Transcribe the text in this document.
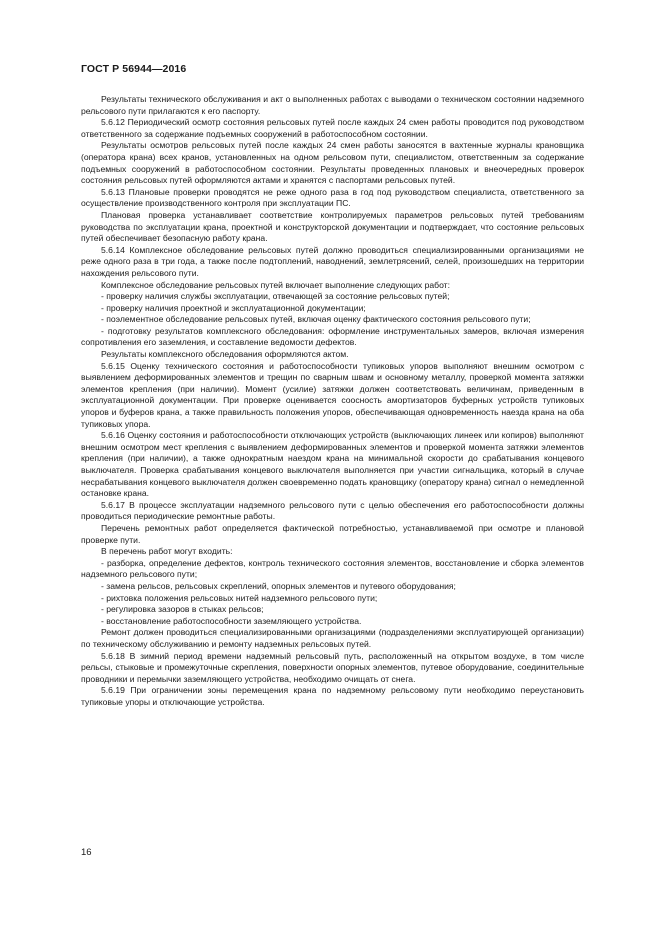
ГОСТ Р 56944—2016

Результаты технического обслуживания и акт о выполненных работах с выводами о техническом состоянии надземного рельсового пути прилагаются к его паспорту.

5.6.12 Периодический осмотр состояния рельсовых путей после каждых 24 смен работы проводится под руководством ответственного за содержание подъемных сооружений в работоспособном состоянии.

Результаты осмотров рельсовых путей после каждых 24 смен работы заносятся в вахтенные журналы крановщика (оператора крана) всех кранов, установленных на одном рельсовом пути, специалистом, ответственным за содержание подъемных сооружений в работоспособном состоянии. Результаты проведенных плановых и внеочередных проверок состояния рельсовых путей оформляются актами и хранятся с паспортами рельсовых путей.

5.6.13 Плановые проверки проводятся не реже одного раза в год под руководством специалиста, ответственного за осуществление производственного контроля при эксплуатации ПС.

Плановая проверка устанавливает соответствие контролируемых параметров рельсовых путей требованиям руководства по эксплуатации крана, проектной и конструкторской документации и подтверждает, что состояние рельсовых путей обеспечивает безопасную работу крана.

5.6.14 Комплексное обследование рельсовых путей должно проводиться специализированными организациями не реже одного раза в три года, а также после подтоплений, наводнений, землетрясений, селей, произошедших на территории нахождения рельсового пути.

Комплексное обследование рельсовых путей включает выполнение следующих работ:

- проверку наличия службы эксплуатации, отвечающей за состояние рельсовых путей;

- проверку наличия проектной и эксплуатационной документации;

- поэлементное обследование рельсовых путей, включая оценку фактического состояния рельсового пути;

- подготовку результатов комплексного обследования: оформление инструментальных замеров, включая измерения сопротивления его заземления, и составление ведомости дефектов.

Результаты комплексного обследования оформляются актом.

5.6.15 Оценку технического состояния и работоспособности тупиковых упоров выполняют внешним осмотром с выявлением деформированных элементов и трещин по сварным швам и основному металлу, проверкой момента затяжки элементов крепления (при наличии). Момент (усилие) затяжки должен соответствовать величинам, приведенным в эксплуатационной документации. При проверке оценивается соосность амортизаторов буферных устройств тупиковых упоров и буферов крана, а также правильность положения упоров, обеспечивающая одновременность наезда крана на оба тупиковых упора.

5.6.16 Оценку состояния и работоспособности отключающих устройств (выключающих линеек или копиров) выполняют внешним осмотром мест крепления с выявлением деформированных элементов и проверкой момента затяжки элементов крепления (при наличии), а также однократным наездом крана на минимальной скорости до срабатывания концевого выключателя. Проверка срабатывания концевого выключателя выполняется при участии сигнальщика, который в случае несрабатывания концевого выключателя должен своевременно подать крановщику (оператору крана) сигнал о немедленной остановке крана.

5.6.17 В процессе эксплуатации надземного рельсового пути с целью обеспечения его работоспособности должны проводиться периодические ремонтные работы.

Перечень ремонтных работ определяется фактической потребностью, устанавливаемой при осмотре и плановой проверке пути.

В перечень работ могут входить:

- разборка, определение дефектов, контроль технического состояния элементов, восстановление и сборка элементов надземного рельсового пути;

- замена рельсов, рельсовых скреплений, опорных элементов и путевого оборудования;

- рихтовка положения рельсовых нитей надземного рельсового пути;

- регулировка зазоров в стыках рельсов;

- восстановление работоспособности заземляющего устройства.

Ремонт должен проводиться специализированными организациями (подразделениями эксплуатирующей организации) по техническому обслуживанию и ремонту надземных рельсовых путей.

5.6.18 В зимний период времени надземный рельсовый путь, расположенный на открытом воздухе, в том числе рельсы, стыковые и промежуточные скрепления, поверхности опорных элементов, путевое оборудование, соединительные проводники и перемычки заземляющего устройства, необходимо очищать от снега.

5.6.19 При ограничении зоны перемещения крана по надземному рельсовому пути необходимо переустановить тупиковые упоры и отключающие устройства.

16
